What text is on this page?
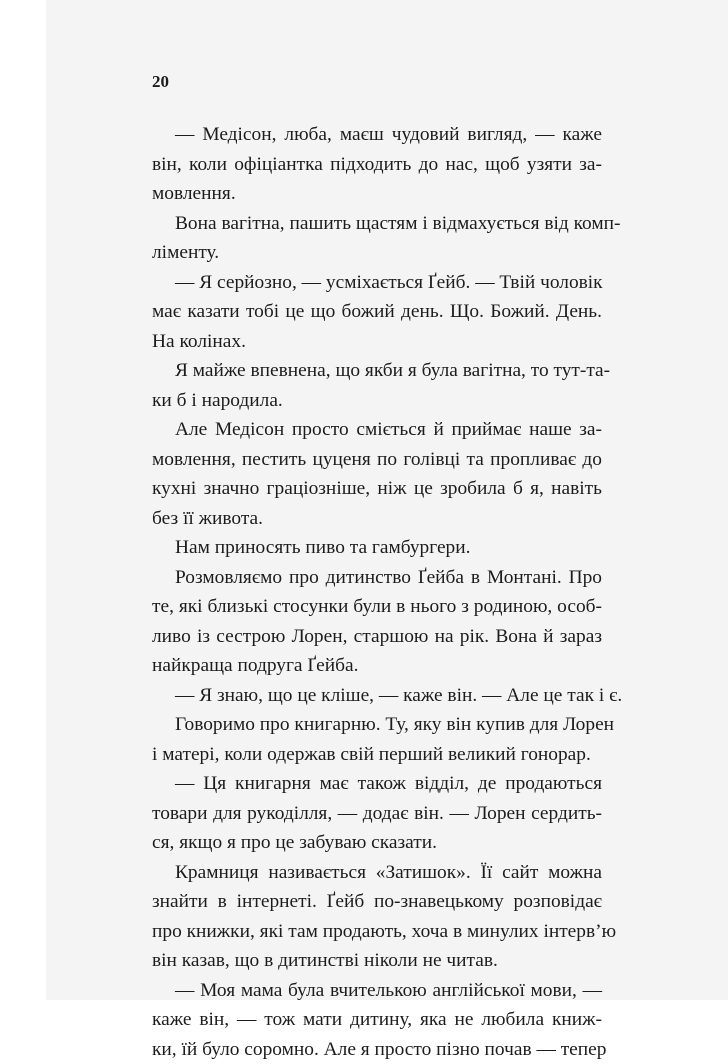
20
— Медісон, люба, маєш чудовий вигляд, — каже
він, коли офіціантка підходить до нас, щоб узяти за-
мовлення.
Вона вагітна, пашить щастям і відмахується від комп-
ліменту.
— Я серйозно, — усміхається Ґейб. — Твій чоловік
має казати тобі це що божий день. Що. Божий. День.
На колінах.
Я майже впевнена, що якби я була вагітна, то тут-та-
ки б і народила.
Але Медісон просто сміється й приймає наше за-
мовлення, пестить цуценя по голівці та пропливає до
кухні значно граціозніше, ніж це зробила б я, навіть
без її живота.
Нам приносять пиво та гамбургери.
Розмовляємо про дитинство Ґейба в Монтані. Про
те, які близькі стосунки були в нього з родиною, особ-
ливо із сестрою Лорен, старшою на рік. Вона й зараз
найкраща подруга Ґейба.
— Я знаю, що це кліше, — каже він. — Але це так і є.
Говоримо про книгарню. Ту, яку він купив для Лорен
і матері, коли одержав свій перший великий гонорар.
— Ця книгарня має також відділ, де продаються
товари для рукоділля, — додає він. — Лорен сердить-
ся, якщо я про це забуваю сказати.
Крамниця називається «Затишок». Її сайт можна
знайти в інтернеті. Ґейб по-знавецькому розповідає
про книжки, які там продають, хоча в минулих інтерв’ю
він казав, що в дитинстві ніколи не читав.
— Моя мама була вчителькою англійської мови, —
каже він, — тож мати дитину, яка не любила книж-
ки, їй було соромно. Але я просто пізно почав — тепер
